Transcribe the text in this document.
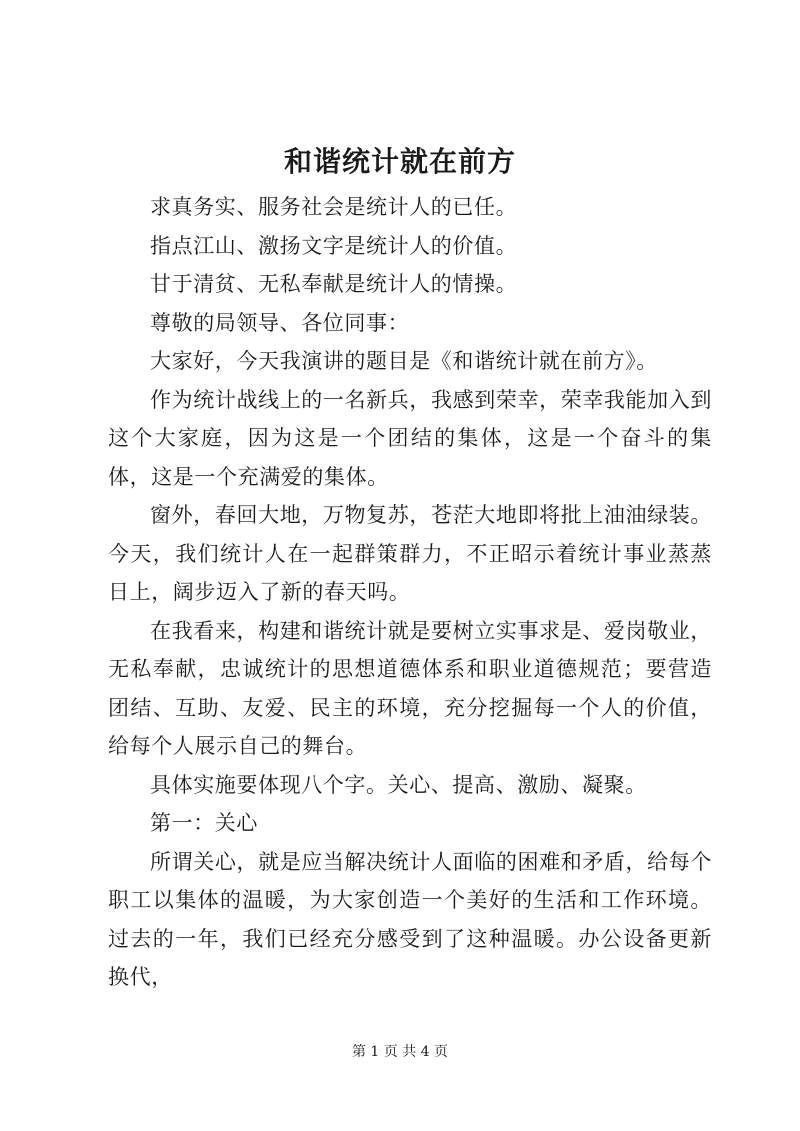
和谐统计就在前方

求真务实、服务社会是统计人的已任。

指点江山、激扬文字是统计人的价值。

甘于清贫、无私奉献是统计人的情操。

尊敬的局领导、各位同事：

大家好，今天我演讲的题目是《和谐统计就在前方》。

作为统计战线上的一名新兵，我感到荣幸，荣幸我能加入到这个大家庭，因为这是一个团结的集体，这是一个奋斗的集体，这是一个充满爱的集体。

窗外，春回大地，万物复苏，苍茫大地即将批上油油绿装。今天，我们统计人在一起群策群力，不正昭示着统计事业蒸蒸日上，阔步迈入了新的春天吗。

在我看来，构建和谐统计就是要树立实事求是、爱岗敬业，无私奉献，忠诚统计的思想道德体系和职业道德规范；要营造团结、互助、友爱、民主的环境，充分挖掘每一个人的价值，给每个人展示自己的舞台。

具体实施要体现八个字。关心、提高、激励、凝聚。

第一：关心

所谓关心，就是应当解决统计人面临的困难和矛盾，给每个职工以集体的温暖，为大家创造一个美好的生活和工作环境。过去的一年，我们已经充分感受到了这种温暖。办公设备更新换代，

第 1 页 共 4 页
